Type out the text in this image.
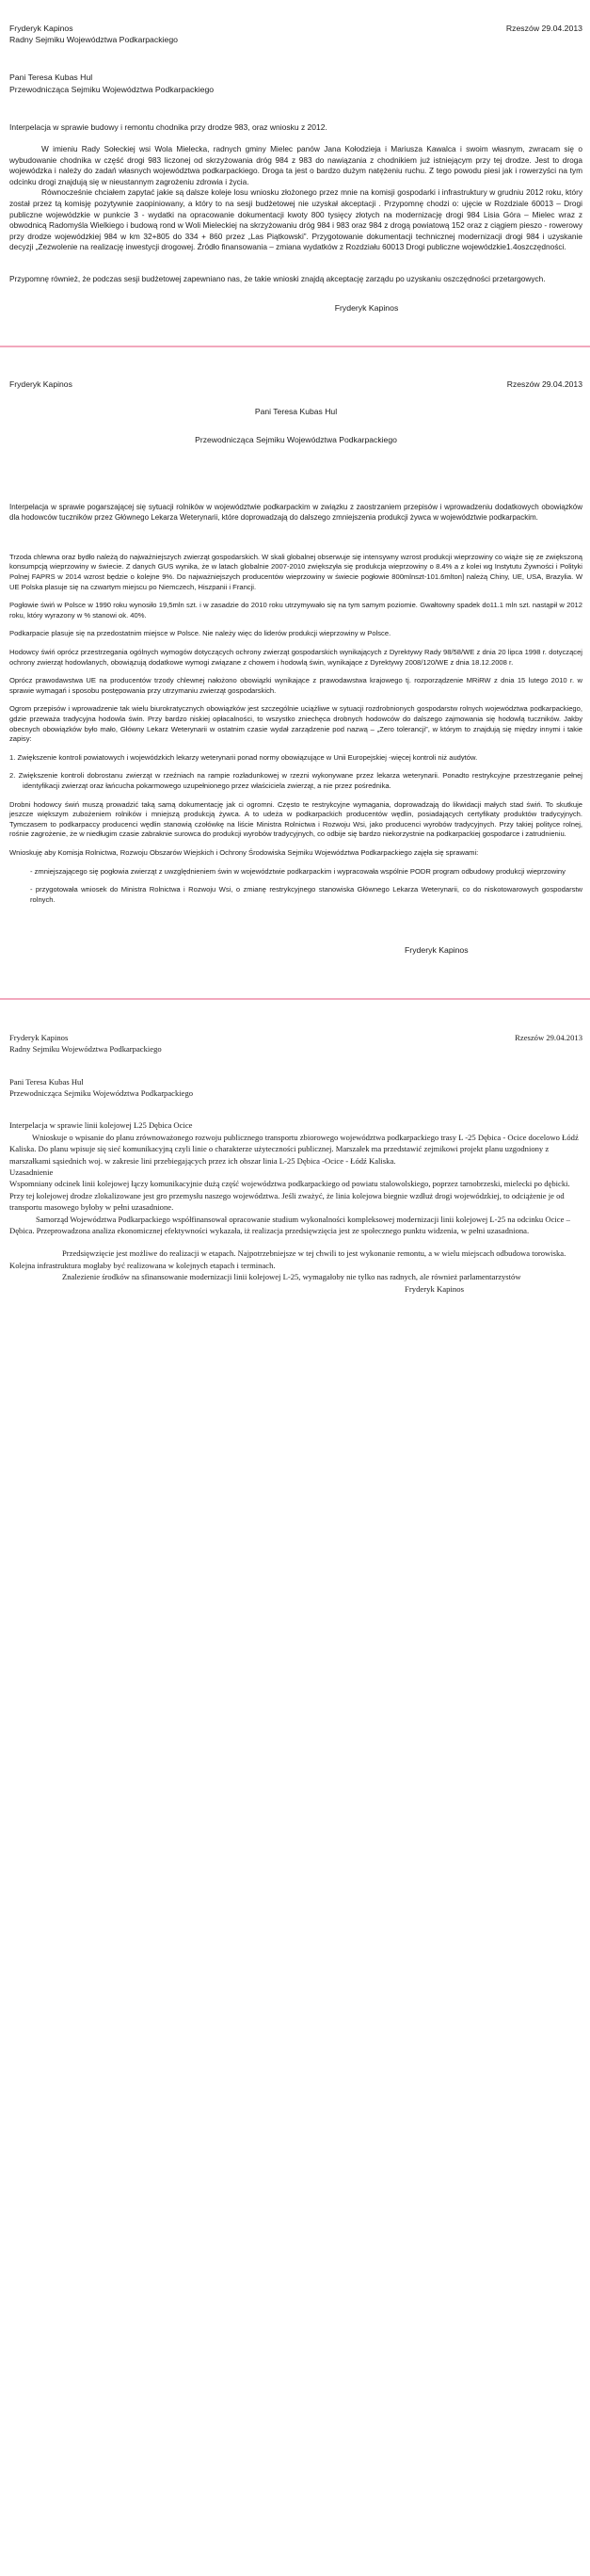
Fryderyk Kapinos
Radny Sejmiku Województwa Podkarpackiego
Rzeszów 29.04.2013
Pani Teresa Kubas Hul
Przewodnicząca Sejmiku Województwa Podkarpackiego
Interpelacja w sprawie budowy i remontu chodnika przy drodze 983, oraz wniosku z 2012.
W imieniu Rady Sołeckiej wsi Wola Mielecka, radnych gminy Mielec panów Jana Kołodzieja i Mariusza Kawalca i swoim własnym, zwracam się o wybudowanie chodnika w część drogi 983 liczonej od skrzyżowania dróg 984 z 983 do nawiązania z chodnikiem już istniejącym przy tej drodze. Jest to droga wojewódzka i należy do zadań własnych województwa podkarpackiego. Droga ta jest o bardzo dużym natężeniu ruchu. Z tego powodu piesi jak i rowerzyści na tym odcinku drogi znajdują się w nieustannym zagrożeniu zdrowia i życia.
Równocześnie chciałem zapytać jakie są dalsze koleje losu wniosku złożonego przez mnie na komisji gospodarki i infrastruktury w grudniu 2012 roku, który został przez tą komisję pozytywnie zaopiniowany, a który to na sesji budżetowej nie uzyskał akceptacji . Przypomnę chodzi o: ujęcie w Rozdziale 60013 – Drogi publiczne wojewódzkie w punkcie 3 - wydatki na opracowanie dokumentacji kwoty 800 tysięcy złotych na modernizację drogi 984 Lisia Góra – Mielec wraz z obwodnicą Radomyśla Wielkiego i budową rond w Woli Mieleckiej na skrzyżowaniu dróg 984 i 983 oraz 984 z drogą powiatową 152 oraz z ciągiem pieszo - rowerowy przy drodze wojewódzkiej 984 w km 32+805 do 334 + 860 przez „Las Piątkowski”. Przygotowanie dokumentacji technicznej modernizacji drogi 984 i uzyskanie decyzji „Zezwolenie na realizację inwestycji drogowej. Źródło finansowania – zmiana wydatków z Rozdziału 60013 Drogi publiczne wojewódzkie1.4oszczędności.
Przypomnę również, że podczas sesji budżetowej zapewniano nas, że takie wnioski znajdą akceptację zarządu po uzyskaniu oszczędności przetargowych.
Fryderyk Kapinos
Fryderyk Kapinos	Rzeszów 29.04.2013
Pani Teresa Kubas Hul
Przewodnicząca Sejmiku Województwa Podkarpackiego
Interpelacja w sprawie pogarszającej się sytuacji rolników w województwie podkarpackim w związku z zaostrzaniem przepisów i wprowadzeniu dodatkowych obowiązków dla hodowców tuczników przez Głównego Lekarza Weterynarii, które doprowadzają do dalszego zmniejszenia produkcji żywca w województwie podkarpackim.
Trzoda chlewna oraz bydło należą do najważniejszych zwierząt gospodarskich. W skali globalnej obserwuje się intensywny wzrost produkcji wieprzowiny co wiąże się ze zwiększoną konsumpcją wieprzowiny w świecie. Z danych GUS wynika, że w latach globalnie 2007-2010 zwiększyła się produkcja wieprzowiny o 8.4% a z kolei wg Instytutu Żywności i Polityki Polnej FAPRS w 2014 wzrost będzie o kolejne 9%. Do najważniejszych producentów wieprzowiny w świecie pogłowie 800mlnszt-101.6mlton] należą Chiny, UE, USA, Brazylia. W UE Polska plasuje się na czwartym miejscu po Niemczech, Hiszpanii i Francji.
Pogłowie świń w Polsce w 1990 roku wynosiło 19,5mln szt. i w zasadzie do 2010 roku utrzymywało się na tym samym poziomie. Gwałtowny spadek do11.1 mln szt. nastąpił w 2012 roku, który wyrazony w % stanowi ok. 40%.
Podkarpacie plasuje się na przedostatnim miejsce w Polsce. Nie należy więc do liderów produkcji wieprzowiny w Polsce.
Hodowcy świń oprócz przestrzegania ogólnych wymogów dotyczących ochrony zwierząt gospodarskich wynikających z Dyrektywy Rady 98/58/WE z dnia 20 lipca 1998 r. dotyczącej ochrony zwierząt hodowlanych, obowiązują dodatkowe wymogi związane z chowem i hodowlą świn, wynikające z Dyrektywy 2008/120/WE z dnia 18.12.2008 r.
Oprócz prawodawstwa UE na producentów trzody chlewnej nałożono obowiązki wynikające z prawodawstwa krajowego tj. rozporządzenie MRiRW z dnia 15 lutego 2010 r. w sprawie wymagań i sposobu postępowania przy utrzymaniu zwierząt gospodarskich.
Ogrom przepisów i wprowadzenie tak wielu biurokratycznych obowiązków jest szczególnie uciążliwe w sytuacji rozdrobnionych gospodarstw rolnych województwa podkarpackiego, gdzie przeważa tradycyjna hodowla świn. Przy bardzo niskiej opłacalności, to wszystko zniechęca drobnych hodowców do dalszego zajmowania się hodowlą tuczników. Jakby obecnych obowiązków było mało, Główny Lekarz Weterynarii w ostatnim czasie wydał zarządzenie pod nazwą – „Zero tolerancji”, w którym to znajdują się między innymi i takie zapisy:
1. Zwiększenie kontroli powiatowych i wojewódzkich lekarzy weterynarii ponad normy obowiązujące w Unii Europejskiej -więcej kontroli niż audytów.
2. Zwiększenie kontroli dobrostanu zwierząt w rzeźniach na rampie rozładunkowej w rzezni wykonywane przez lekarza weterynarii. Ponadto restrykcyjne przestrzeganie pełnej identyfikacji zwierząt oraz łańcucha pokarmowego uzupełnionego przez właściciela zwierząt, a nie przez pośrednika.
Drobni hodowcy świń muszą prowadzić taką samą dokumentację jak ci ogromni. Często te restrykcyjne wymagania, doprowadzają do likwidacji małych stad świń. To skutkuje jeszcze większym zubożeniem rolników i mniejszą produkcją żywca. A to udeża w podkarpackich producentów wędlin, posiadających certyfikaty produktów tradycyjnych. Tymczasem to podkarpaccy producenci wędlin stanowią czołówkę na liście Ministra Rolnictwa i Rozwoju Wsi, jako producenci wyrobów tradycyjnych. Przy takiej polityce rolnej, rośnie zagrożenie, że w niedługim czasie zabraknie surowca do produkcji wyrobów tradycyjnych, co odbije się bardzo niekorzystnie na podkarpackiej gospodarce i zatrudnieniu.
Wnioskuję aby Komisja Rolnictwa, Rozwoju Obszarów Wiejskich i Ochrony Środowiska Sejmiku Województwa Podkarpackiego zajęła się sprawami:
- zmniejszającego się pogłowia zwierząt z uwzględnieniem świn w województwie podkarpackim i wypracowała wspólnie PODR program odbudowy produkcji wieprzowiny
- przygotowała wniosek do Ministra Rolnictwa i Rozwoju Wsi, o zmianę restrykcyjnego stanowiska Głównego Lekarza Weterynarii, co do niskotowarowych gospodarstw rolnych.
Fryderyk Kapinos
Fryderyk Kapinos
Radny Sejmiku Województwa Podkarpackiego
Rzeszów 29.04.2013
Pani Teresa Kubas Hul
Przewodnicząca Sejmiku Województwa Podkarpackiego
Interpelacja w sprawie linii kolejowej L25 Dębica Ocice
Wnioskuje o wpisanie do planu zrównoważonego rozwoju publicznego transportu zbiorowego województwa podkarpackiego trasy L -25 Dębica - Ocice docelowo Łódź Kaliska. Do planu wpisuje się sieć komunikacyjną czyli linie o charakterze użyteczności publicznej. Marszałek ma przedstawić zejmikowi projekt planu uzgodniony z marszałkami sąsiednich woj. w zakresie lini przebiegających przez ich obszar linia L-25 Dębica -Ocice - Łódź Kaliska.
Uzasadnienie
Wspomniany odcinek linii kolejowej łączy komunikacyjnie dużą część województwa podkarpackiego od powiatu stalowolskiego, poprzez tarnobrzeski, mielecki po dębicki. Przy tej kolejowej drodze zlokalizowane jest gro przemysłu naszego województwa. Jeśli zważyć, że linia kolejowa biegnie wzdłuż drogi wojewódzkiej, to odciążenie je od transportu masowego byłoby w pełni uzasadnione.
Samorząd Województwa Podkarpackiego współfinansował opracowanie studium wykonalności kompleksowej modernizacji linii kolejowej L-25 na odcinku Ocice – Dębica. Przeprowadzona analiza ekonomicznej efektywności wykazała, iż realizacja przedsięwzięcia jest ze społecznego punktu widzenia, w pełni uzasadniona.
Przedsięwzięcie jest możliwe do realizacji w etapach. Najpotrzebniejsze w tej chwili to jest wykonanie remontu, a w wielu miejscach odbudowa torowiska. Kolejna infrastruktura mogłaby być realizowana w kolejnych etapach i terminach.
Znalezienie środków na sfinansowanie modernizacji linii kolejowej L-25, wymagałoby nie tylko nas radnych, ale również parlamentarzystów
Fryderyk Kapinos
